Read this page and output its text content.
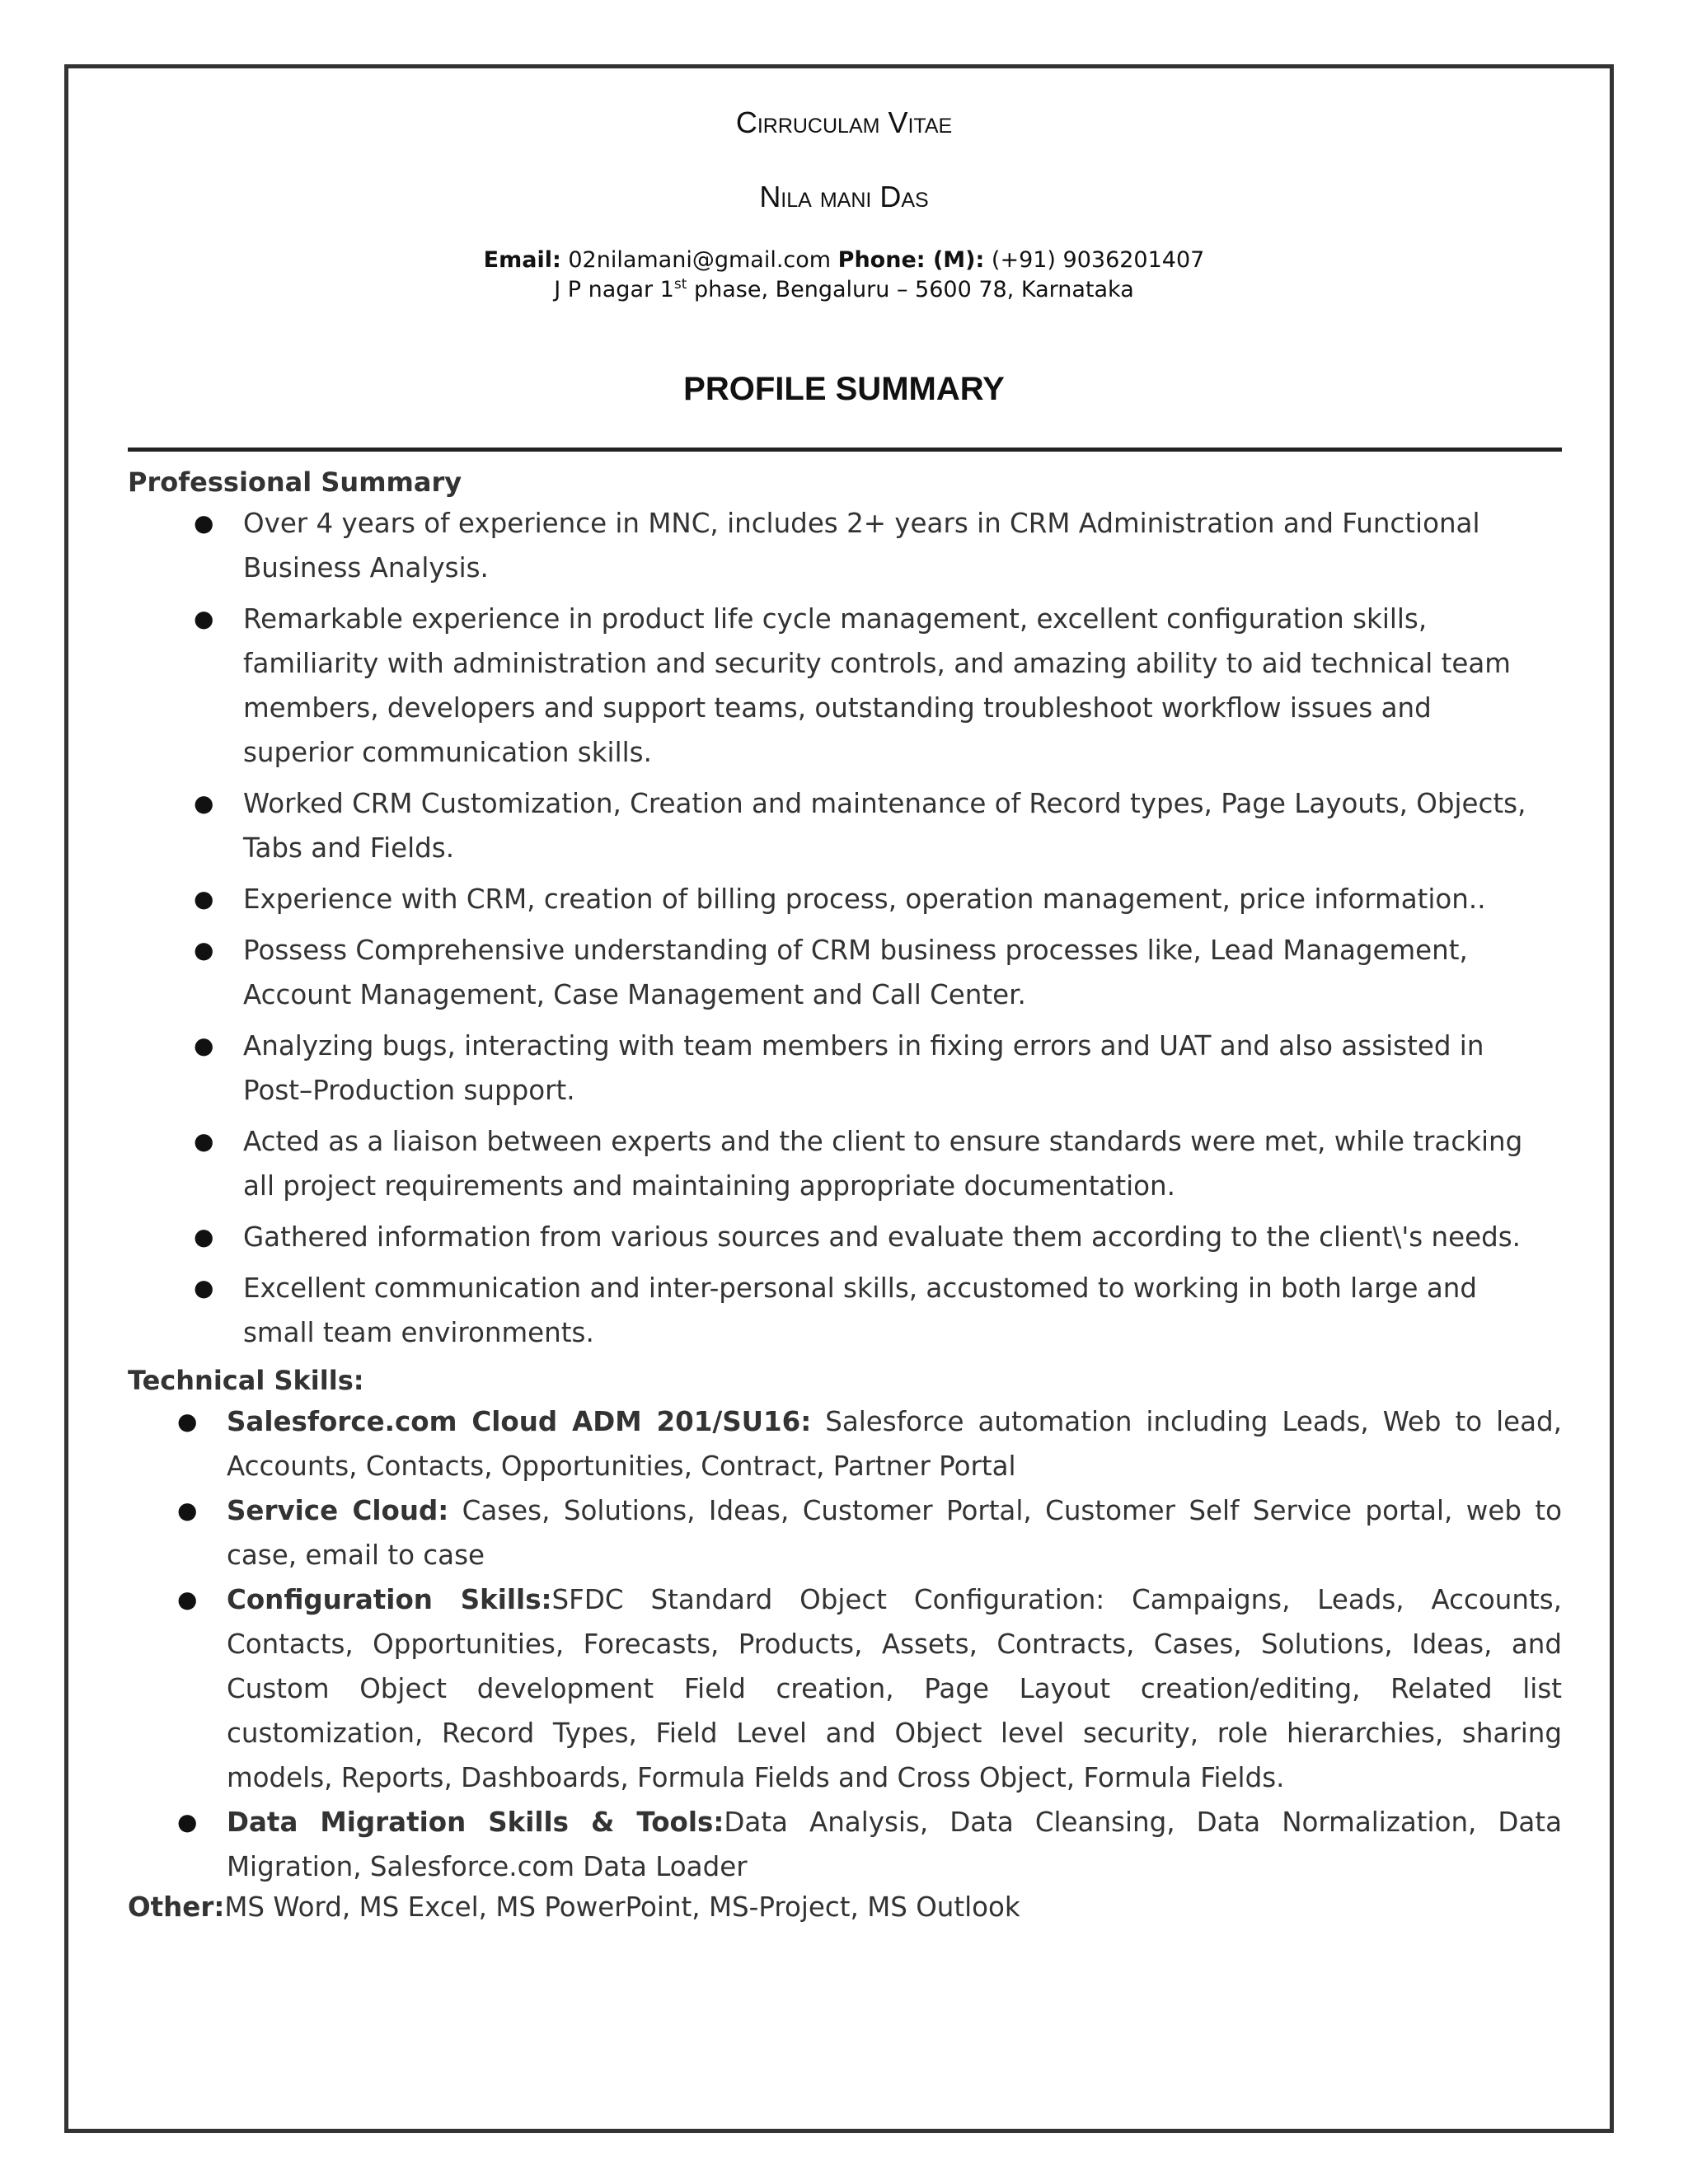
Cirruculam Vitae
Nila mani Das
Email: 02nilamani@gmail.com Phone: (M): (+91) 9036201407
J P nagar 1st phase, Bengaluru – 5600 78, Karnataka
PROFILE SUMMARY
Professional Summary
● Over 4 years of experience in MNC, includes 2+ years in CRM Administration and Functional Business Analysis.
● Remarkable experience in product life cycle management, excellent configuration skills, familiarity with administration and security controls, and amazing ability to aid technical team members, developers and support teams, outstanding troubleshoot workflow issues and superior communication skills.
● Worked CRM Customization, Creation and maintenance of Record types, Page Layouts, Objects, Tabs and Fields.
● Experience with CRM, creation of billing process, operation management, price information..
● Possess Comprehensive understanding of CRM business processes like, Lead Management, Account Management, Case Management and Call Center.
● Analyzing bugs, interacting with team members in fixing errors and UAT and also assisted in Post–Production support.
● Acted as a liaison between experts and the client to ensure standards were met, while tracking all project requirements and maintaining appropriate documentation.
● Gathered information from various sources and evaluate them according to the client\'s needs.
● Excellent communication and inter-personal skills, accustomed to working in both large and small team environments.
Technical Skills:
● Salesforce.com Cloud ADM 201/SU16: Salesforce automation including Leads, Web to lead, Accounts, Contacts, Opportunities, Contract, Partner Portal
● Service Cloud: Cases, Solutions, Ideas, Customer Portal, Customer Self Service portal, web to case, email to case
● Configuration Skills:SFDC Standard Object Configuration: Campaigns, Leads, Accounts, Contacts, Opportunities, Forecasts, Products, Assets, Contracts, Cases, Solutions, Ideas, and Custom Object development Field creation, Page Layout creation/editing, Related list customization, Record Types, Field Level and Object level security, role hierarchies, sharing models, Reports, Dashboards, Formula Fields and Cross Object, Formula Fields.
● Data Migration Skills & Tools:Data Analysis, Data Cleansing, Data Normalization, Data Migration, Salesforce.com Data Loader
Other:MS Word, MS Excel, MS PowerPoint, MS-Project, MS Outlook
